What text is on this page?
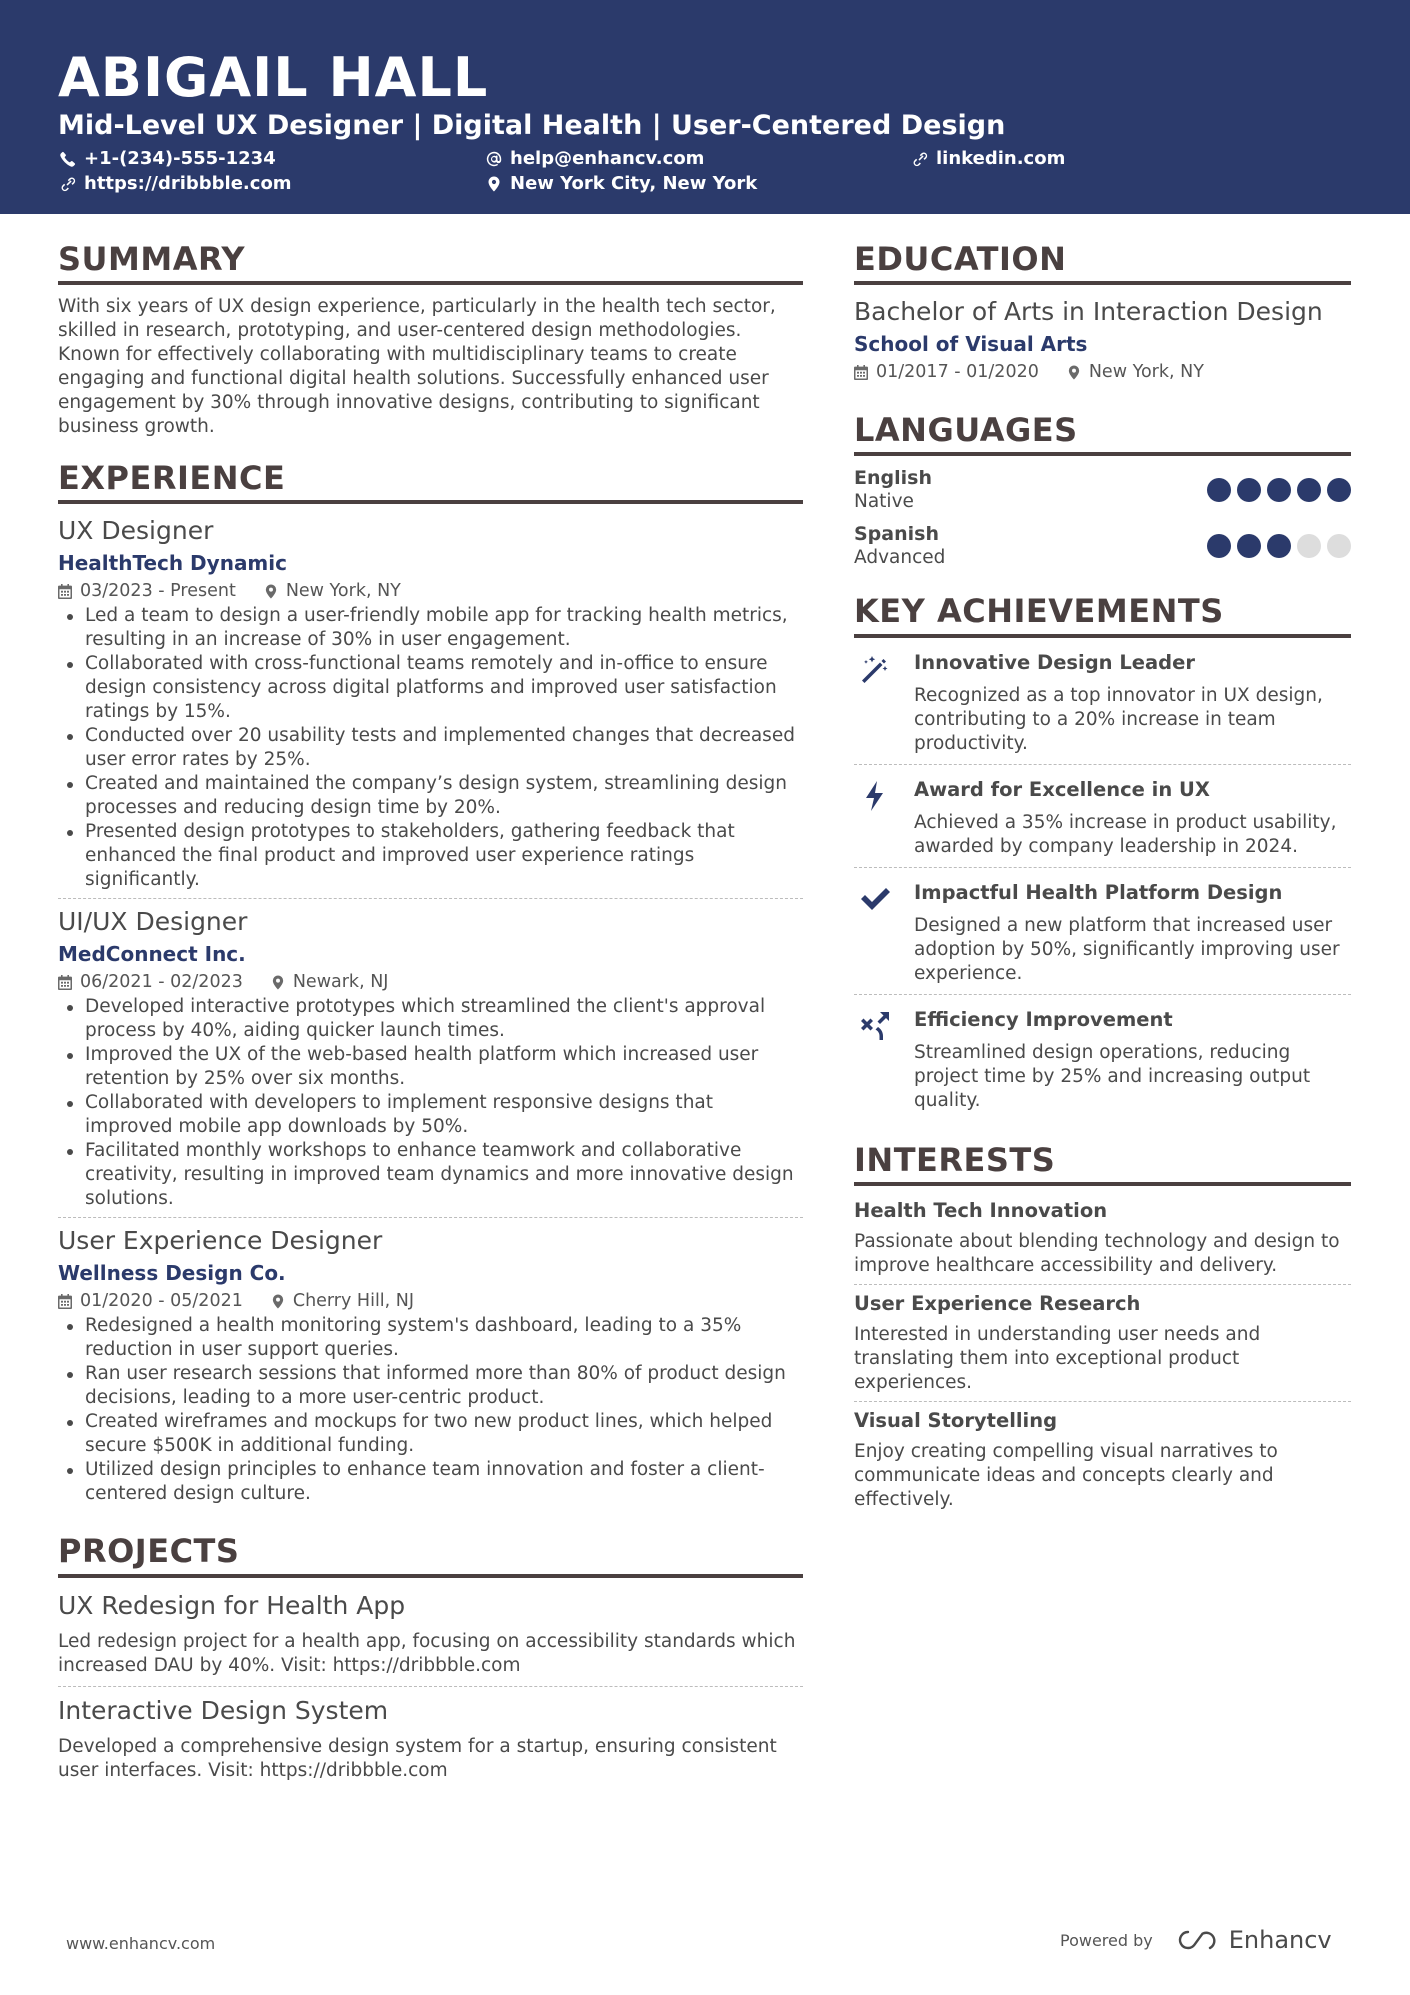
ABIGAIL HALL
Mid-Level UX Designer | Digital Health | User-Centered Design
+1-(234)-555-1234	help@enhancv.com	linkedin.com
https://dribbble.com	New York City, New York
SUMMARY

With six years of UX design experience, particularly in the health tech sector, skilled in research, prototyping, and user-centered design methodologies. Known for effectively collaborating with multidisciplinary teams to create engaging and functional digital health solutions. Successfully enhanced user engagement by 30% through innovative designs, contributing to significant business growth.

EXPERIENCE
UX Designer
HealthTech Dynamic
03/2023 - Present	New York, NY
Led a team to design a user-friendly mobile app for tracking health metrics, resulting in an increase of 30% in user engagement.
Collaborated with cross-functional teams remotely and in-office to ensure design consistency across digital platforms and improved user satisfaction ratings by 15%.
Conducted over 20 usability tests and implemented changes that decreased user error rates by 25%.
Created and maintained the company’s design system, streamlining design processes and reducing design time by 20%.
Presented design prototypes to stakeholders, gathering feedback that enhanced the final product and improved user experience ratings significantly.
UI/UX Designer
MedConnect Inc.
06/2021 - 02/2023	Newark, NJ
Developed interactive prototypes which streamlined the client's approval process by 40%, aiding quicker launch times.
Improved the UX of the web-based health platform which increased user retention by 25% over six months.
Collaborated with developers to implement responsive designs that improved mobile app downloads by 50%.
Facilitated monthly workshops to enhance teamwork and collaborative creativity, resulting in improved team dynamics and more innovative design solutions.
User Experience Designer
Wellness Design Co.
01/2020 - 05/2021	Cherry Hill, NJ
Redesigned a health monitoring system's dashboard, leading to a 35% reduction in user support queries.
Ran user research sessions that informed more than 80% of product design decisions, leading to a more user-centric product.
Created wireframes and mockups for two new product lines, which helped secure $500K in additional funding.
Utilized design principles to enhance team innovation and foster a client-centered design culture.
PROJECTS
UX Redesign for Health App

Led redesign project for a health app, focusing on accessibility standards which increased DAU by 40%. Visit: https://dribbble.com

Interactive Design System

Developed a comprehensive design system for a startup, ensuring consistent user interfaces. Visit: https://dribbble.com

EDUCATION
Bachelor of Arts in Interaction Design
School of Visual Arts
01/2017 - 01/2020	New York, NY
LANGUAGES
English
Native
Spanish
Advanced
KEY ACHIEVEMENTS
Innovative Design Leader

Recognized as a top innovator in UX design, contributing to a 20% increase in team productivity.

Award for Excellence in UX

Achieved a 35% increase in product usability, awarded by company leadership in 2024.

Impactful Health Platform Design

Designed a new platform that increased user adoption by 50%, significantly improving user experience.

Efficiency Improvement

Streamlined design operations, reducing project time by 25% and increasing output quality.

INTERESTS
Health Tech Innovation

Passionate about blending technology and design to improve healthcare accessibility and delivery.

User Experience Research

Interested in understanding user needs and translating them into exceptional product experiences.

Visual Storytelling

Enjoy creating compelling visual narratives to communicate ideas and concepts clearly and effectively.

www.enhancv.com	Powered by	Enhancv
